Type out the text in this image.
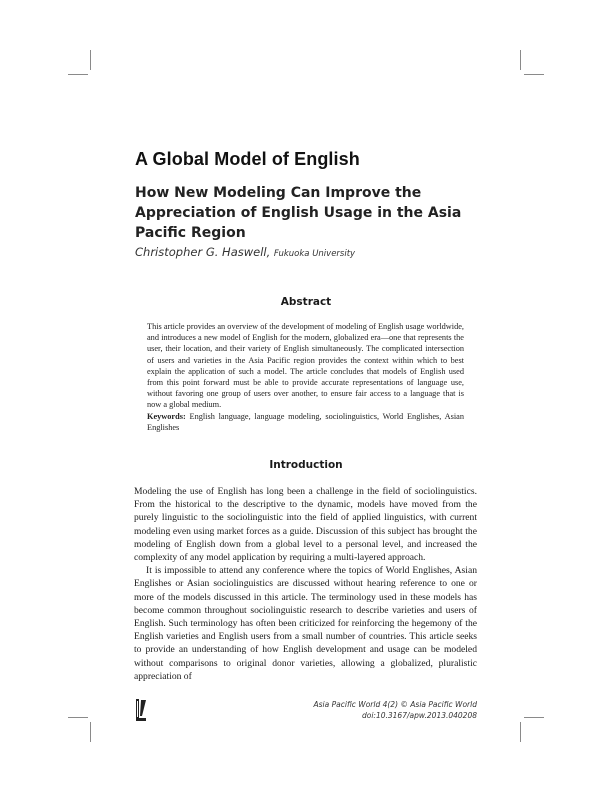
A Global Model of English
How New Modeling Can Improve the Appreciation of English Usage in the Asia Pacific Region
Christopher G. Haswell, Fukuoka University
Abstract

This article provides an overview of the development of modeling of English usage worldwide, and introduces a new model of English for the modern, globalized era—one that represents the user, their location, and their variety of English simultaneously. The complicated intersection of users and varieties in the Asia Pacific region provides the context within which to best explain the application of such a model. The article concludes that models of English used from this point forward must be able to provide accurate representations of language use, without favoring one group of users over another, to ensure fair access to a language that is now a global medium.

Keywords: English language, language modeling, sociolinguistics, World Englishes, Asian Englishes

Introduction

Modeling the use of English has long been a challenge in the field of sociolinguistics. From the historical to the descriptive to the dynamic, models have moved from the purely linguistic to the sociolinguistic into the field of applied linguistics, with current modeling even using market forces as a guide. Discussion of this subject has brought the modeling of English down from a global level to a personal level, and increased the complexity of any model application by requiring a multi-layered approach.

It is impossible to attend any conference where the topics of World Englishes, Asian Englishes or Asian sociolinguistics are discussed without hearing reference to one or more of the models discussed in this article. The terminology used in these models has become common throughout sociolinguistic research to describe varieties and users of English. Such terminology has often been criticized for reinforcing the hegemony of the English varieties and English users from a small number of countries. This article seeks to provide an understanding of how English development and usage can be modeled without comparisons to original donor varieties, allowing a globalized, pluralistic appreciation of

Asia Pacific World 4(2) © Asia Pacific World
doi:10.3167/apw.2013.040208
